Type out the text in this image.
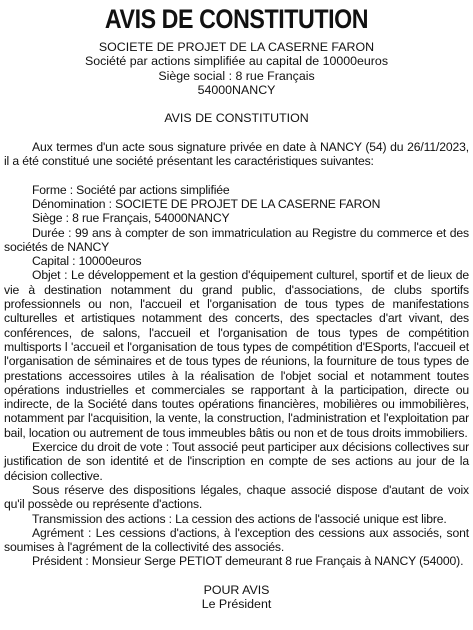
AVIS DE CONSTITUTION
SOCIETE DE PROJET DE LA CASERNE FARON
Société par actions simplifiée au capital de 10000euros
Siège social : 8 rue Français
54000NANCY
AVIS DE CONSTITUTION

Aux termes d'un acte sous signature privée en date à NANCY (54) du 26/11/2023, il a été constitué une société présentant les caractéristiques suivantes:

Forme : Société par actions simplifiée

Dénomination : SOCIETE DE PROJET DE LA CASERNE FARON

Siège : 8 rue Français, 54000NANCY

Durée : 99 ans à compter de son immatriculation au Registre du commerce et des sociétés de NANCY

Capital : 10000euros

Objet : Le développement et la gestion d'équipement culturel, sportif et de lieux de vie à destination notamment du grand public, d'associations, de clubs sportifs professionnels ou non, l'accueil et l'organisation de tous types de manifestations culturelles et artistiques notamment des concerts, des spectacles d'art vivant, des conférences, de salons, l'accueil et l'organisation de tous types de compétition multisports l 'accueil et l'organisation de tous types de compétition d'ESports, l'accueil et l'organisation de séminaires et de tous types de réunions, la fourniture de tous types de prestations accessoires utiles à la réalisation de l'objet social et notamment toutes opérations industrielles et commerciales se rapportant à la participation, directe ou indirecte, de la Société dans toutes opérations financières, mobilières ou immobilières, notamment par l'acquisition, la vente, la construction, l'administration et l'exploitation par bail, location ou autrement de tous immeubles bâtis ou non et de tous droits immobiliers.

Exercice du droit de vote : Tout associé peut participer aux décisions collectives sur justification de son identité et de l'inscription en compte de ses actions au jour de la décision collective.

Sous réserve des dispositions légales, chaque associé dispose d'autant de voix qu'il possède ou représente d'actions.

Transmission des actions : La cession des actions de l'associé unique est libre.

Agrément : Les cessions d'actions, à l'exception des cessions aux associés, sont soumises à l'agrément de la collectivité des associés.

Président : Monsieur Serge PETIOT demeurant 8 rue Français à NANCY (54000).

POUR AVIS
Le Président
